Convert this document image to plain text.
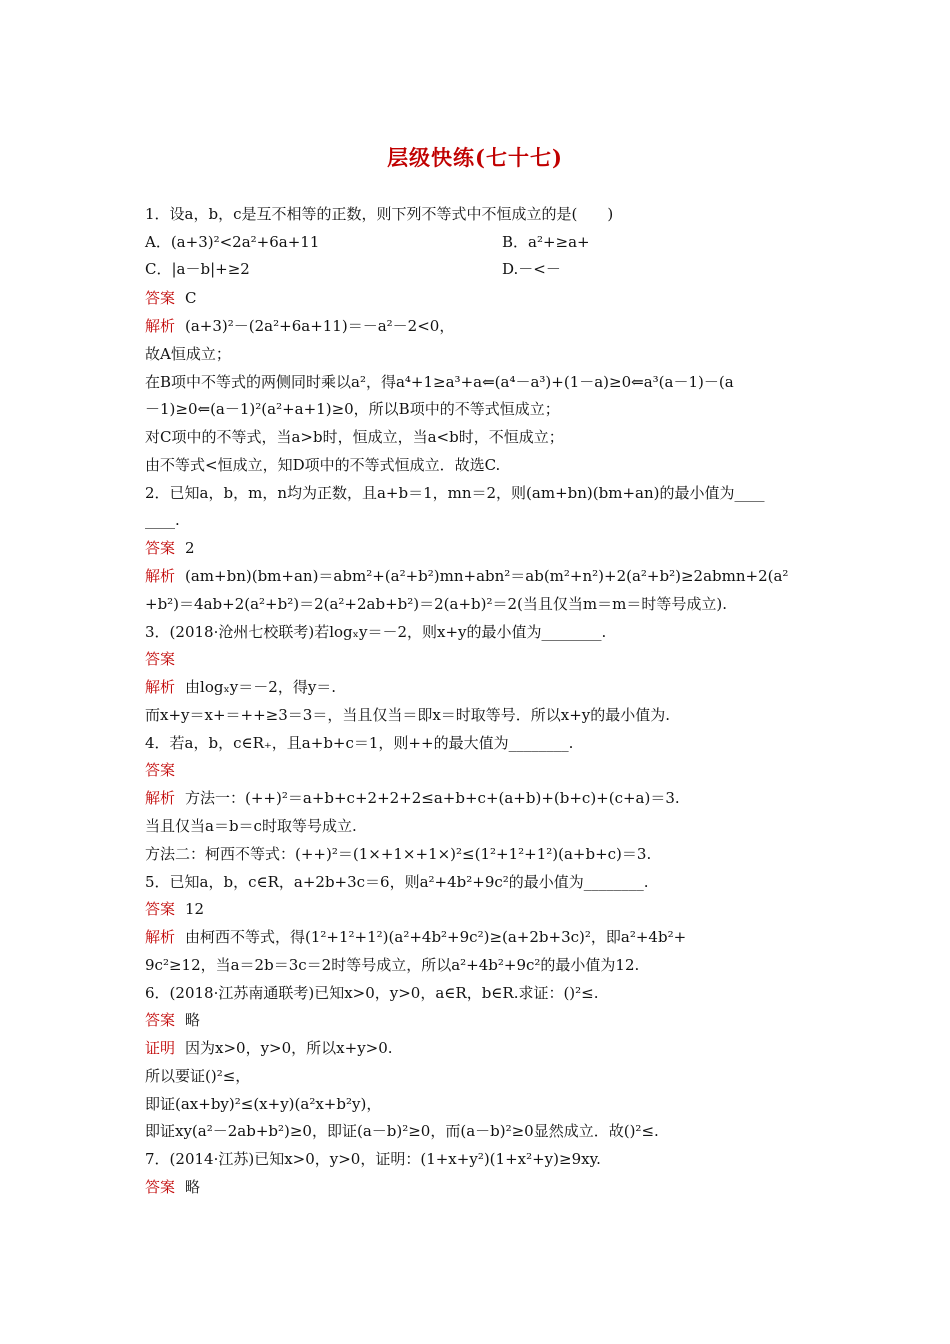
层级快练(七十七)
1．设a，b，c是互不相等的正数，则下列不等式中不恒成立的是(　　)
答案 C
解析 (a+3)²－(2a²+6a+11)＝－a²－2<0，
故A恒成立；
在B项中不等式的两侧同时乘以a²，得a⁴+1≥a³+a⇐(a⁴－a³)+(1－a)≥0⇐a³(a－1)－(a
－1)≥0⇐(a－1)²(a²+a+1)≥0，所以B项中的不等式恒成立；
对C项中的不等式，当a>b时，恒成立，当a<b时，不恒成立；
由不等式<恒成立，知D项中的不等式恒成立．故选C.
2．已知a，b，m，n均为正数，且a+b＝1，mn＝2，则(am+bn)(bm+an)的最小值为____
____.
答案 2
解析 (am+bn)(bm+an)＝abm²+(a²+b²)mn+abn²＝ab(m²+n²)+2(a²+b²)≥2abmn+2(a²
+b²)＝4ab+2(a²+b²)＝2(a²+2ab+b²)＝2(a+b)²＝2(当且仅当m＝m＝时等号成立).
3．(2018·沧州七校联考)若logₓy＝－2，则x+y的最小值为________.
答案
解析 由logₓy＝－2，得y＝.
而x+y＝x+＝++≥3＝3＝，当且仅当＝即x＝时取等号．所以x+y的最小值为.
4．若a，b，c∈R₊，且a+b+c＝1，则++的最大值为________.
答案
解析 方法一：(++)²＝a+b+c+2+2+2≤a+b+c+(a+b)+(b+c)+(c+a)＝3.
当且仅当a＝b＝c时取等号成立.
方法二：柯西不等式：(++)²＝(1×+1×+1×)²≤(1²+1²+1²)(a+b+c)＝3.
5．已知a，b，c∈R，a+2b+3c＝6，则a²+4b²+9c²的最小值为________.
答案 12
解析 由柯西不等式，得(1²+1²+1²)(a²+4b²+9c²)≥(a+2b+3c)²，即a²+4b²+
9c²≥12，当a＝2b＝3c＝2时等号成立，所以a²+4b²+9c²的最小值为12.
6．(2018·江苏南通联考)已知x>0，y>0，a∈R，b∈R.求证：()²≤.
答案 略
证明 因为x>0，y>0，所以x+y>0.
所以要证()²≤，
即证(ax+by)²≤(x+y)(a²x+b²y)，
即证xy(a²－2ab+b²)≥0，即证(a－b)²≥0，而(a－b)²≥0显然成立．故()²≤.
7．(2014·江苏)已知x>0，y>0，证明：(1+x+y²)(1+x²+y)≥9xy.
答案 略
A．(a+3)²<2a²+6a+11	B．a²+≥a+
C．|a－b|+≥2	D.－<－
